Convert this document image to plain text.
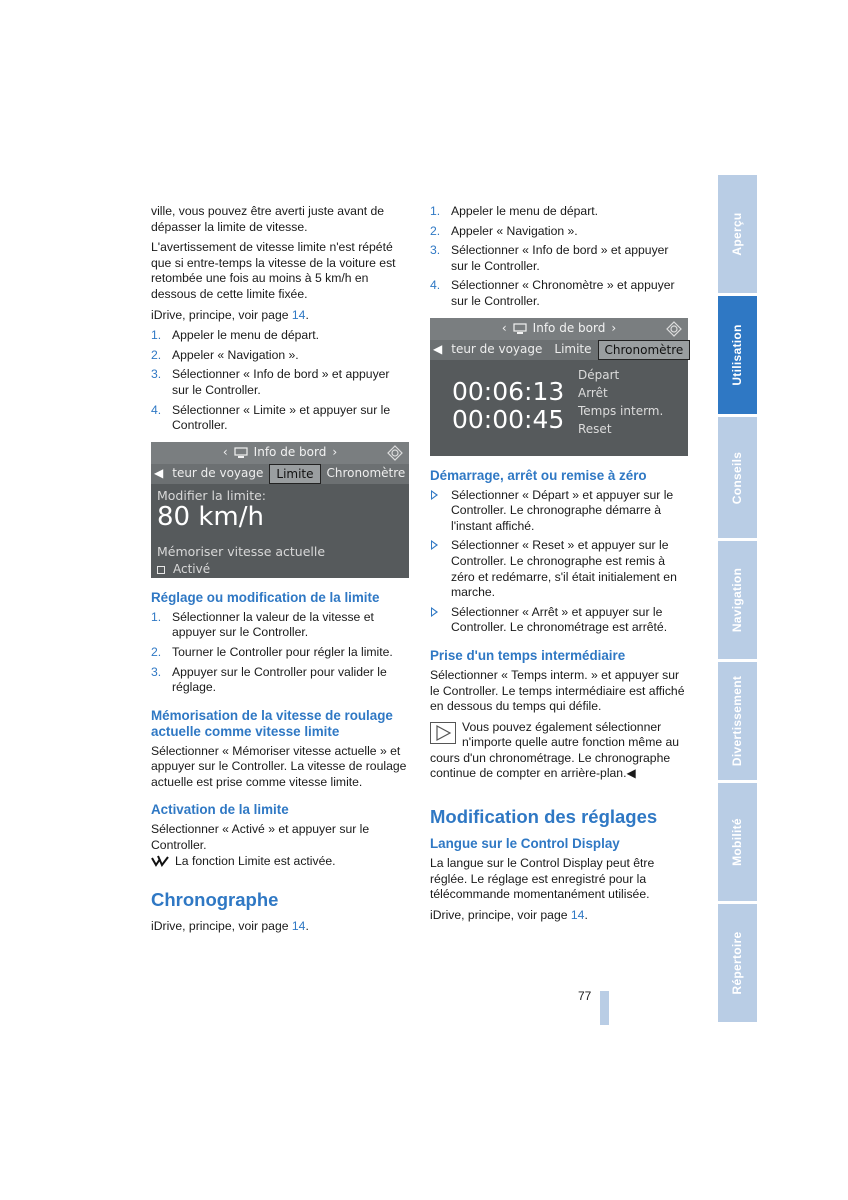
ville, vous pouvez être averti juste avant de dépasser la limite de vitesse.

L'avertissement de vitesse limite n'est répété que si entre-temps la vitesse de la voiture est retombée une fois au moins à 5 km/h en dessous de cette limite fixée.

iDrive, principe, voir page 14.

1. Appeler le menu de départ.
2. Appeler « Navigation ».
3. Sélectionner « Info de bord » et appuyer sur le Controller.
4. Sélectionner « Limite » et appuyer sur le Controller.
‹ Info de bord ›
◀ teur de voyage	Limite	Chronomètre
Modifier la limite:
80 km/h
Mémoriser vitesse actuelle
Activé
Réglage ou modification de la limite
1. Sélectionner la valeur de la vitesse et appuyer sur le Controller.
2. Tourner le Controller pour régler la limite.
3. Appuyer sur le Controller pour valider le réglage.
Mémorisation de la vitesse de roulage actuelle comme vitesse limite

Sélectionner « Mémoriser vitesse actuelle » et appuyer sur le Controller. La vitesse de roulage actuelle est prise comme vitesse limite.

Activation de la limite

Sélectionner « Activé » et appuyer sur le Controller.

La fonction Limite est activée.
Chronographe

iDrive, principe, voir page 14.

1. Appeler le menu de départ.
2. Appeler « Navigation ».
3. Sélectionner « Info de bord » et appuyer sur le Controller.
4. Sélectionner « Chronomètre » et appuyer sur le Controller.
‹ Info de bord ›
◀ teur de voyage	Limite	Chronomètre
00:06:13
00:00:45
Départ
Arrêt
Temps interm.
Reset
Démarrage, arrêt ou remise à zéro
Sélectionner « Départ » et appuyer sur le Controller. Le chronographe démarre à l'instant affiché.
Sélectionner « Reset » et appuyer sur le Controller. Le chronographe est remis à zéro et redémarre, s'il était initialement en marche.
Sélectionner « Arrêt » et appuyer sur le Controller. Le chronométrage est arrêté.
Prise d'un temps intermédiaire

Sélectionner « Temps interm. » et appuyer sur le Controller. Le temps intermédiaire est affiché en dessous du temps qui défile.

Vous pouvez également sélectionner n'importe quelle autre fonction même au cours d'un chronométrage. Le chronographe continue de compter en arrière-plan.◀
Modification des réglages
Langue sur le Control Display

La langue sur le Control Display peut être réglée. Le réglage est enregistré pour la télécommande momentanément utilisée.

iDrive, principe, voir page 14.

Aperçu
Utilisation
Conseils
Navigation
Divertissement
Mobilité
Répertoire
77
